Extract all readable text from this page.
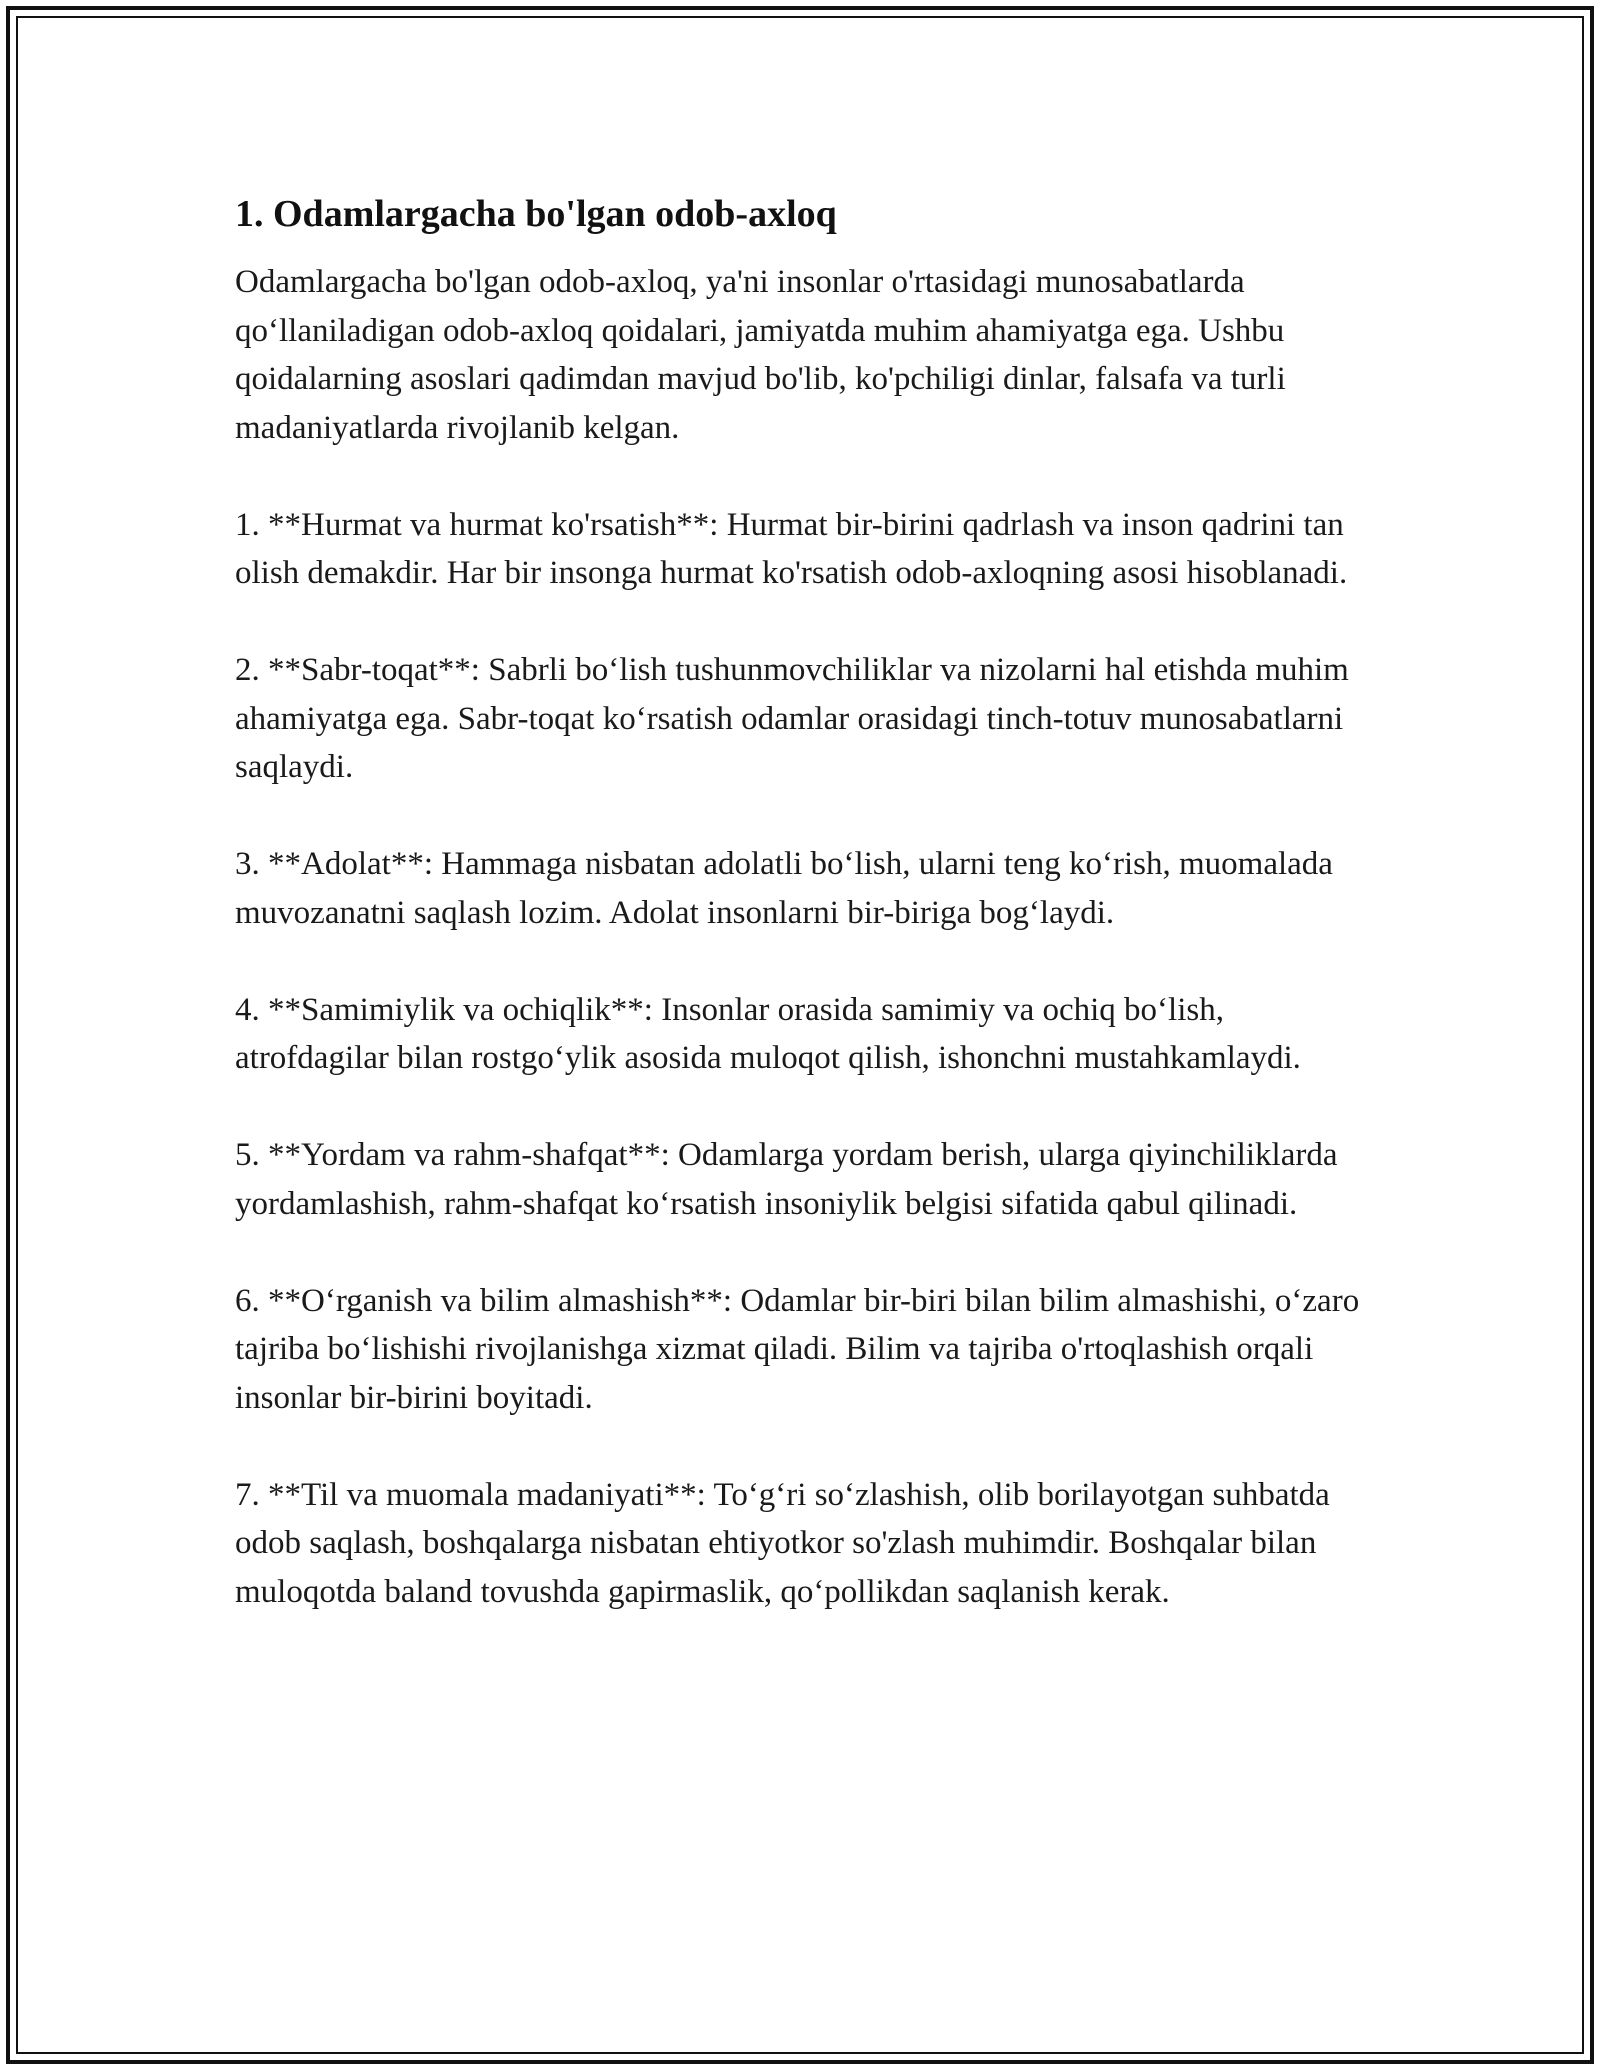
1. Odamlargacha bo'lgan odob-axloq

Odamlargacha bo'lgan odob-axloq, ya'ni insonlar o'rtasidagi munosabatlarda qo‘llaniladigan odob-axloq qoidalari, jamiyatda muhim ahamiyatga ega. Ushbu qoidalarning asoslari qadimdan mavjud bo'lib, ko'pchiligi dinlar, falsafa va turli madaniyatlarda rivojlanib kelgan.

1. **Hurmat va hurmat ko'rsatish**: Hurmat bir-birini qadrlash va inson qadrini tan olish demakdir. Har bir insonga hurmat ko'rsatish odob-axloqning asosi hisoblanadi.

2. **Sabr-toqat**: Sabrli bo‘lish tushunmovchiliklar va nizolarni hal etishda muhim ahamiyatga ega. Sabr-toqat ko‘rsatish odamlar orasidagi tinch-totuv munosabatlarni saqlaydi.

3. **Adolat**: Hammaga nisbatan adolatli bo‘lish, ularni teng ko‘rish, muomalada muvozanatni saqlash lozim. Adolat insonlarni bir-biriga bog‘laydi.

4. **Samimiylik va ochiqlik**: Insonlar orasida samimiy va ochiq bo‘lish, atrofdagilar bilan rostgo‘ylik asosida muloqot qilish, ishonchni mustahkamlaydi.

5. **Yordam va rahm-shafqat**: Odamlarga yordam berish, ularga qiyinchiliklarda yordamlashish, rahm-shafqat ko‘rsatish insoniylik belgisi sifatida qabul qilinadi.

6. **O‘rganish va bilim almashish**: Odamlar bir-biri bilan bilim almashishi, o‘zaro tajriba bo‘lishishi rivojlanishga xizmat qiladi. Bilim va tajriba o'rtoqlashish orqali insonlar bir-birini boyitadi.

7. **Til va muomala madaniyati**: To‘g‘ri so‘zlashish, olib borilayotgan suhbatda odob saqlash, boshqalarga nisbatan ehtiyotkor so'zlash muhimdir. Boshqalar bilan muloqotda baland tovushda gapirmaslik, qo‘pollikdan saqlanish kerak.
